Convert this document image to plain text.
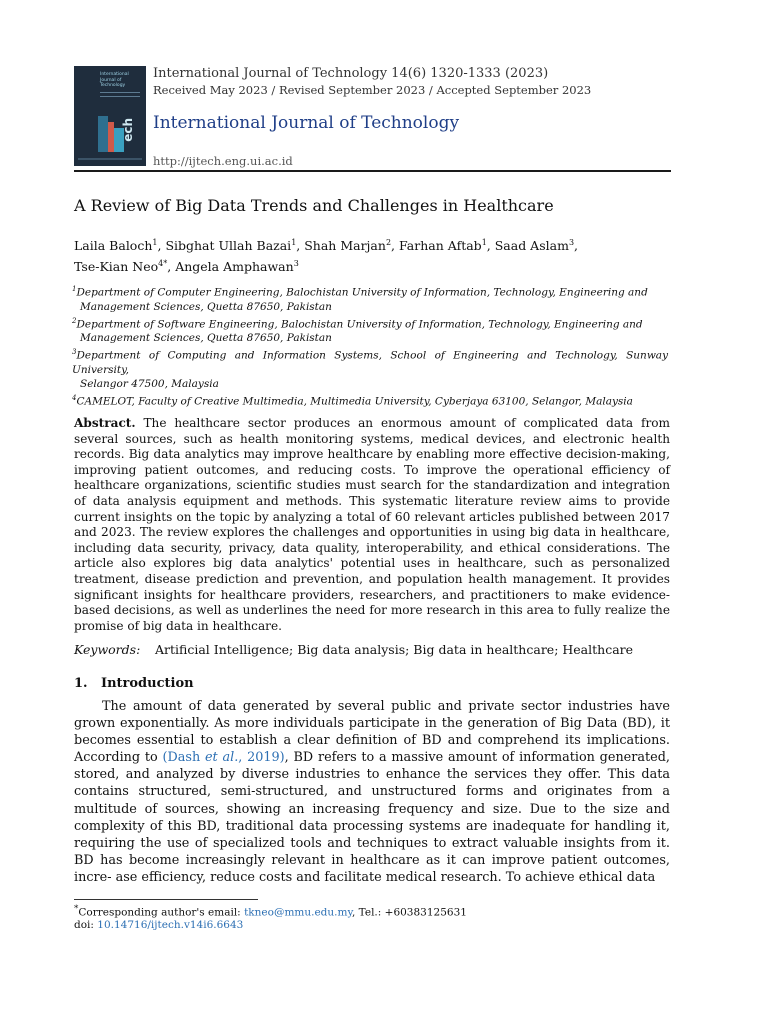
International Journal of Technology
ech
International Journal of Technology 14(6) 1320-1333 (2023)
Received May 2023 / Revised September 2023 / Accepted September 2023
International Journal of Technology
http://ijtech.eng.ui.ac.id
A Review of Big Data Trends and Challenges in Healthcare
Laila Baloch$^1$, Sibghat Ullah Bazai$^1$, Shah Marjan$^2$, Farhan Aftab$^1$, Saad Aslam$^3$,
Tse-Kian Neo$^{4*}$, Angela Amphawan$^3$
$^1$Department of Computer Engineering, Balochistan University of Information, Technology, Engineering and
Management Sciences, Quetta 87650, Pakistan
$^2$Department of Software Engineering, Balochistan University of Information, Technology, Engineering and
Management Sciences, Quetta 87650, Pakistan
$^3$Department of Computing and Information Systems, School of Engineering and Technology, Sunway University,
Selangor 47500, Malaysia
$^4$CAMELOT, Faculty of Creative Multimedia, Multimedia University, Cyberjaya 63100, Selangor, Malaysia
Abstract. The healthcare sector produces an enormous amount of complicated data from several sources, such as health monitoring systems, medical devices, and electronic health records. Big data analytics may improve healthcare by enabling more effective decision-making, improving patient outcomes, and reducing costs. To improve the operational efficiency of healthcare organizations, scientific studies must search for the standardization and integration of data analysis equipment and methods. This systematic literature review aims to provide current insights on the topic by analyzing a total of 60 relevant articles published between 2017 and 2023. The review explores the challenges and opportunities in using big data in healthcare, including data security, privacy, data quality, interoperability, and ethical considerations. The article also explores big data analytics' potential uses in healthcare, such as personalized treatment, disease prediction and prevention, and population health management. It provides significant insights for healthcare providers, researchers, and practitioners to make evidence-based decisions, as well as underlines the need for more research in this area to fully realize the promise of big data in healthcare.
Keywords: Artificial Intelligence; Big data analysis; Big data in healthcare; Healthcare
1. Introduction
The amount of data generated by several public and private sector industries have grown exponentially. As more individuals participate in the generation of Big Data (BD), it becomes essential to establish a clear definition of BD and comprehend its implications. According to (Dash et al., 2019), BD refers to a massive amount of information generated, stored, and analyzed by diverse industries to enhance the services they offer. This data contains structured, semi-structured, and unstructured forms and originates from a multitude of sources, showing an increasing frequency and size. Due to the size and complexity of this BD, traditional data processing systems are inadequate for handling it, requiring the use of specialized tools and techniques to extract valuable insights from it. BD has become increasingly relevant in healthcare as it can improve patient outcomes, incre- ase efficiency, reduce costs and facilitate medical research. To achieve ethical data
*Corresponding author's email: tkneo@mmu.edu.my, Tel.: +60383125631
doi: 10.14716/ijtech.v14i6.6643
